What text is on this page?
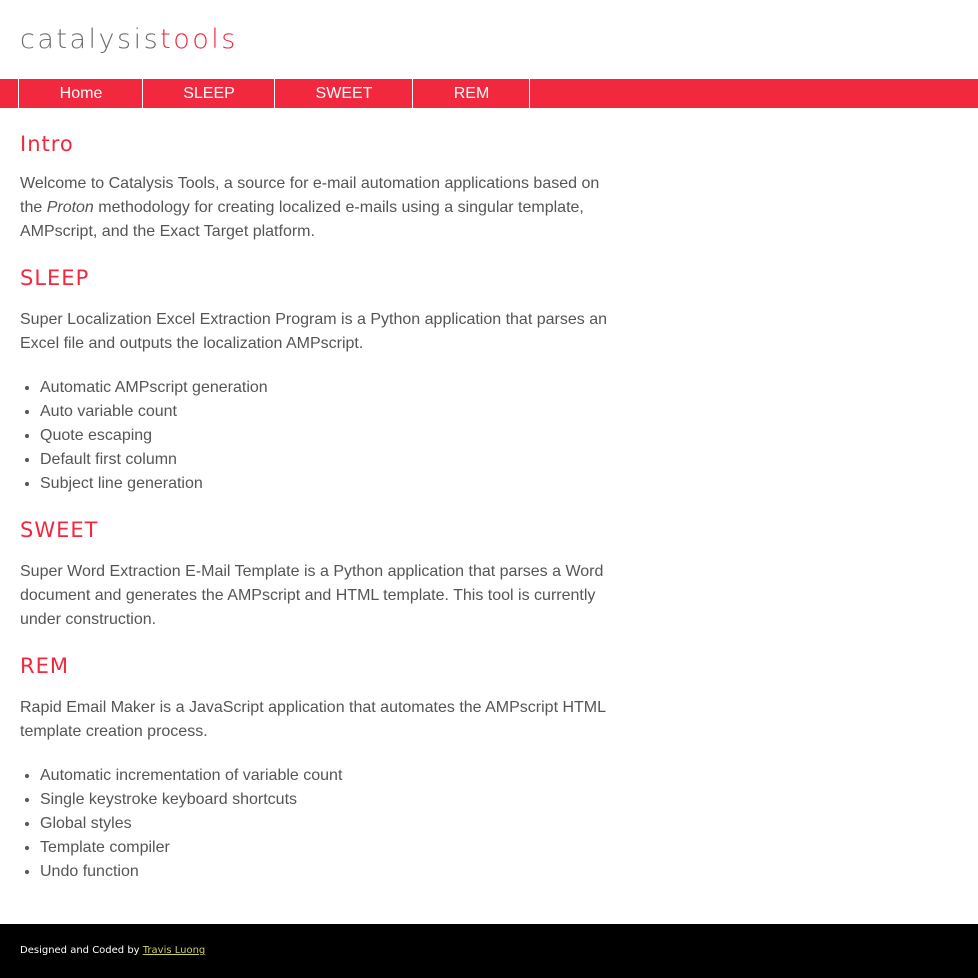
catalysistools
Home	SLEEP	SWEET	REM
Intro

Welcome to Catalysis Tools, a source for e-mail automation applications based on the Proton methodology for creating localized e-mails using a singular template, AMPscript, and the Exact Target platform.

SLEEP

Super Localization Excel Extraction Program is a Python application that parses an Excel file and outputs the localization AMPscript.

• Automatic AMPscript generation
• Auto variable count
• Quote escaping
• Default first column
• Subject line generation
SWEET

Super Word Extraction E-Mail Template is a Python application that parses a Word document and generates the AMPscript and HTML template. This tool is currently under construction.

REM

Rapid Email Maker is a JavaScript application that automates the AMPscript HTML template creation process.

• Automatic incrementation of variable count
• Single keystroke keyboard shortcuts
• Global styles
• Template compiler
• Undo function
Designed and Coded by Travis Luong
